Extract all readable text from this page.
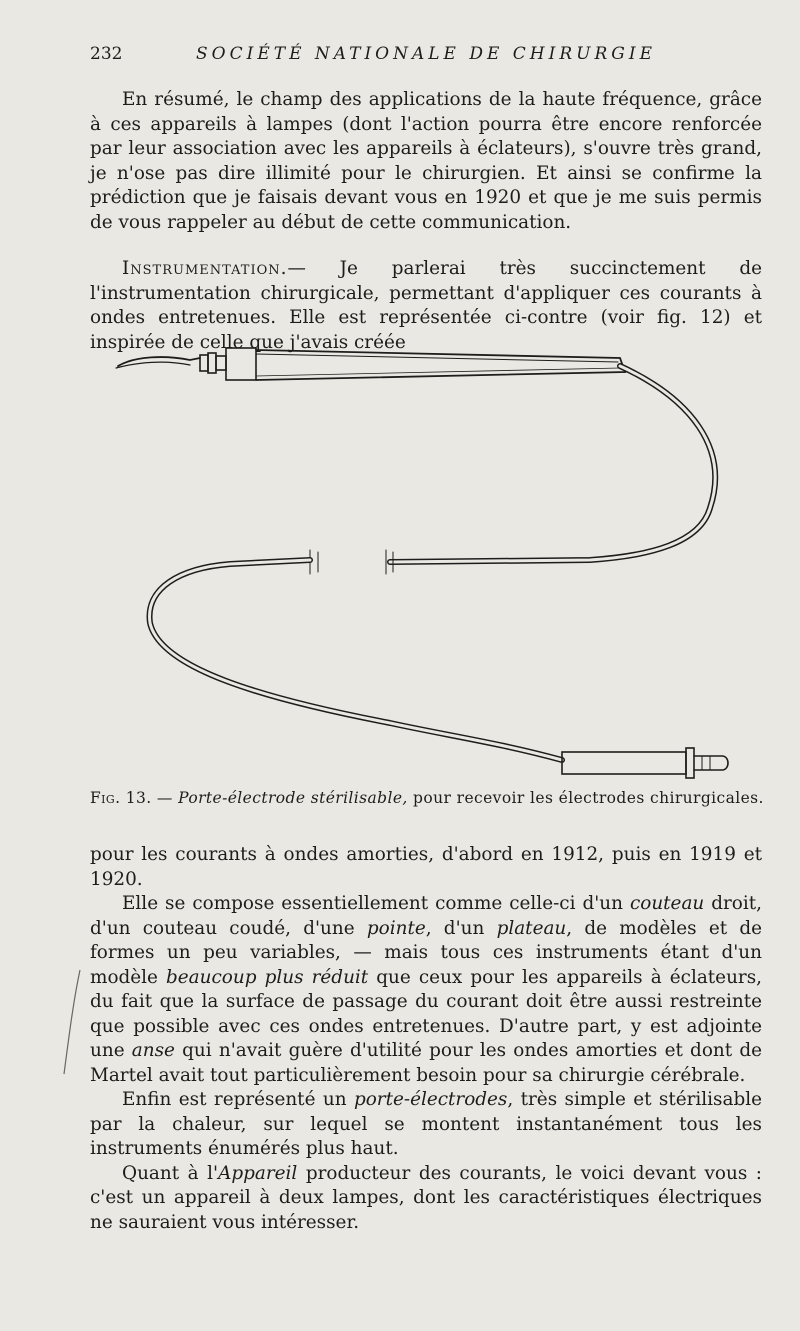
232	SOCIÉTÉ NATIONALE DE CHIRURGIE

En résumé, le champ des applications de la haute fréquence, grâce à ces appareils à lampes (dont l'action pourra être encore renforcée par leur association avec les appareils à éclateurs), s'ouvre très grand, je n'ose pas dire illimité pour le chirurgien. Et ainsi se confirme la prédiction que je faisais devant vous en 1920 et que je me suis permis de vous rappeler au début de cette communication.

Instrumentation.— Je parlerai très succinctement de l'instrumentation chirurgicale, permettant d'appliquer ces courants à ondes entretenues. Elle est représentée ci-contre (voir fig. 12) et inspirée de celle que j'avais créée

Fig. 13. — Porte-électrode stérilisable, pour recevoir les électrodes chirurgicales.

pour les courants à ondes amorties, d'abord en 1912, puis en 1919 et 1920.

Elle se compose essentiellement comme celle-ci d'un couteau droit, d'un couteau coudé, d'une pointe, d'un plateau, de modèles et de formes un peu variables, — mais tous ces instruments étant d'un modèle beaucoup plus réduit que ceux pour les appareils à éclateurs, du fait que la surface de passage du courant doit être aussi restreinte que possible avec ces ondes entretenues. D'autre part, y est adjointe une anse qui n'avait guère d'utilité pour les ondes amorties et dont de Martel avait tout particulièrement besoin pour sa chirurgie cérébrale.

Enfin est représenté un porte-électrodes, très simple et stérilisable par la chaleur, sur lequel se montent instantanément tous les instruments énumérés plus haut.

Quant à l'Appareil producteur des courants, le voici devant vous : c'est un appareil à deux lampes, dont les caractéristiques électriques ne sauraient vous intéresser.
